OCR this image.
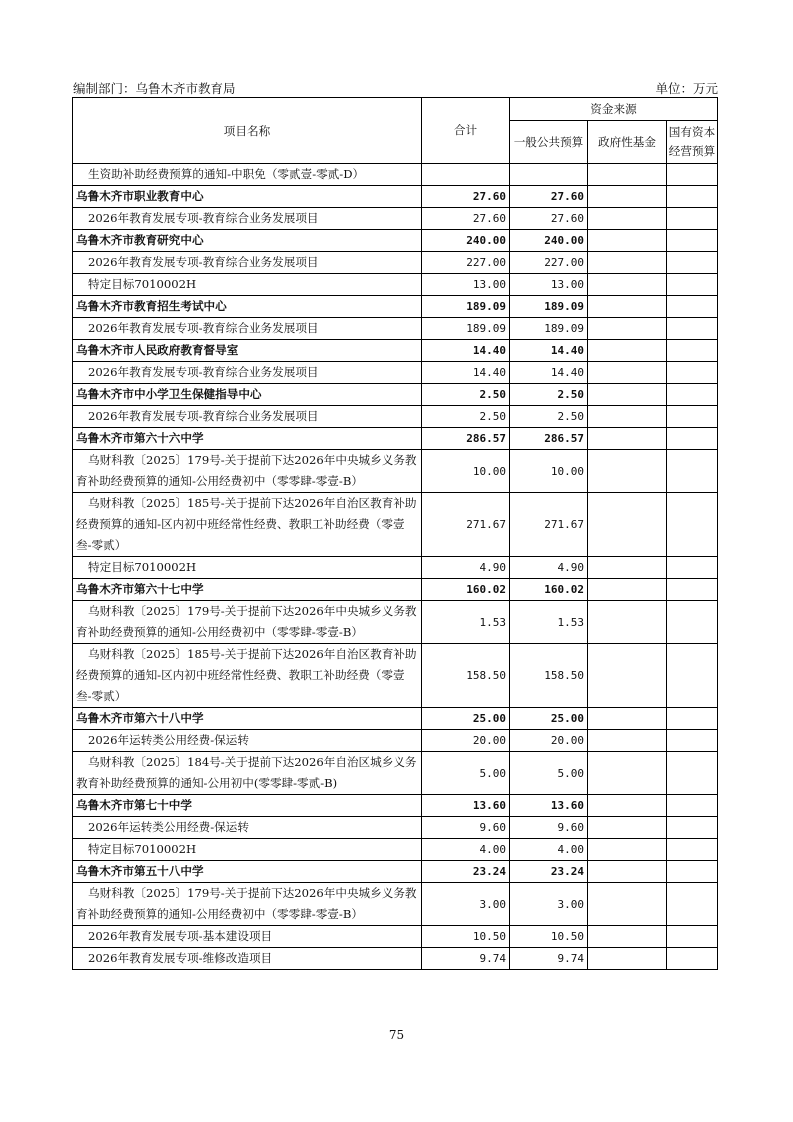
编制部门：乌鲁木齐市教育局	单位：万元
项目名称	合计	资金来源		
		一般公共预算	政府性基金	国有资本经营预算
生资助补助经费预算的通知-中职免（零贰壹-零贰-D）				
乌鲁木齐市职业教育中心	27.60	27.60		
2026年教育发展专项-教育综合业务发展项目	27.60	27.60		
乌鲁木齐市教育研究中心	240.00	240.00		
2026年教育发展专项-教育综合业务发展项目	227.00	227.00		
特定目标7010002H	13.00	13.00		
乌鲁木齐市教育招生考试中心	189.09	189.09		
2026年教育发展专项-教育综合业务发展项目	189.09	189.09		
乌鲁木齐市人民政府教育督导室	14.40	14.40		
2026年教育发展专项-教育综合业务发展项目	14.40	14.40		
乌鲁木齐市中小学卫生保健指导中心	2.50	2.50		
2026年教育发展专项-教育综合业务发展项目	2.50	2.50		
乌鲁木齐市第六十六中学	286.57	286.57		
乌财科教〔2025〕179号-关于提前下达2026年中央城乡义务教育补助经费预算的通知-公用经费初中（零零肆-零壹-B）	10.00	10.00		
乌财科教〔2025〕185号-关于提前下达2026年自治区教育补助经费预算的通知-区内初中班经常性经费、教职工补助经费（零壹叁-零贰）	271.67	271.67		
特定目标7010002H	4.90	4.90		
乌鲁木齐市第六十七中学	160.02	160.02		
乌财科教〔2025〕179号-关于提前下达2026年中央城乡义务教育补助经费预算的通知-公用经费初中（零零肆-零壹-B）	1.53	1.53		
乌财科教〔2025〕185号-关于提前下达2026年自治区教育补助经费预算的通知-区内初中班经常性经费、教职工补助经费（零壹叁-零贰）	158.50	158.50		
乌鲁木齐市第六十八中学	25.00	25.00		
2026年运转类公用经费-保运转	20.00	20.00		
乌财科教〔2025〕184号-关于提前下达2026年自治区城乡义务教育补助经费预算的通知-公用初中(零零肆-零贰-B)	5.00	5.00		
乌鲁木齐市第七十中学	13.60	13.60		
2026年运转类公用经费-保运转	9.60	9.60		
特定目标7010002H	4.00	4.00		
乌鲁木齐市第五十八中学	23.24	23.24		
乌财科教〔2025〕179号-关于提前下达2026年中央城乡义务教育补助经费预算的通知-公用经费初中（零零肆-零壹-B）	3.00	3.00		
2026年教育发展专项-基本建设项目	10.50	10.50		
2026年教育发展专项-维修改造项目	9.74	9.74		
75
